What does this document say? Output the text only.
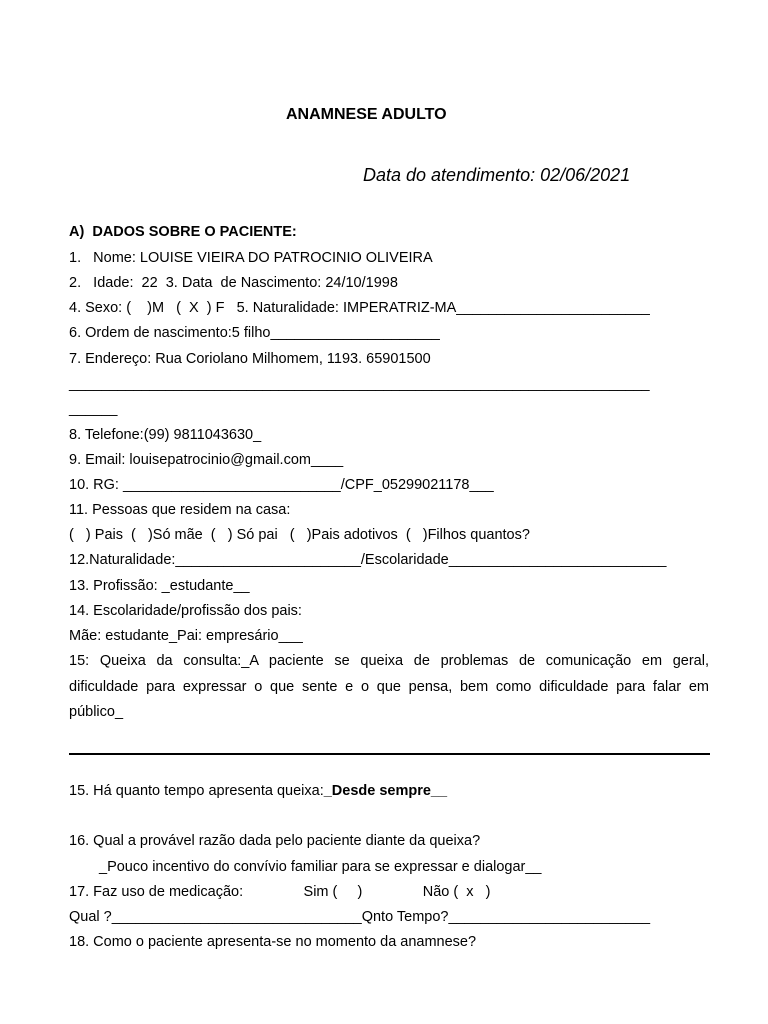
ANAMNESE ADULTO
Data do atendimento: 02/06/2021
A)  DADOS SOBRE O PACIENTE:
1.   Nome: LOUISE VIEIRA DO PATROCINIO OLIVEIRA
2.   Idade:  22  3. Data  de Nascimento: 24/10/1998
4. Sexo: (    )M   (  X  ) F   5. Naturalidade: IMPERATRIZ-MA________________________
6. Ordem de nascimento:5 filho_____________________
7. Endereço: Rua Coriolano Milhomem, 1193. 65901500
________________________________________________________________________
______
8. Telefone:(99) 9811043630_
9. Email: louisepatrocinio@gmail.com____
10. RG: ___________________________/CPF_05299021178___
11. Pessoas que residem na casa:
(   ) Pais  (   )Só mãe  (   ) Só pai   (   )Pais adotivos  (   )Filhos quantos?
12.Naturalidade:_______________________/Escolaridade___________________________
13. Profissão: _estudante__
14. Escolaridade/profissão dos pais:
Mãe: estudante_Pai: empresário___
15: Queixa da consulta:_A paciente se queixa de problemas de comunicação em geral,
dificuldade para expressar o que sente e o que pensa, bem como dificuldade para falar em
público_
15. Há quanto tempo apresenta queixa:_Desde sempre__
16. Qual a provável razão dada pelo paciente diante da queixa?
_Pouco incentivo do convívio familiar para se expressar e dialogar__
17. Faz uso de medicação:               Sim (     )               Não (  x   )
Qual ?_______________________________Qnto Tempo?_________________________
18. Como o paciente apresenta-se no momento da anamnese?
